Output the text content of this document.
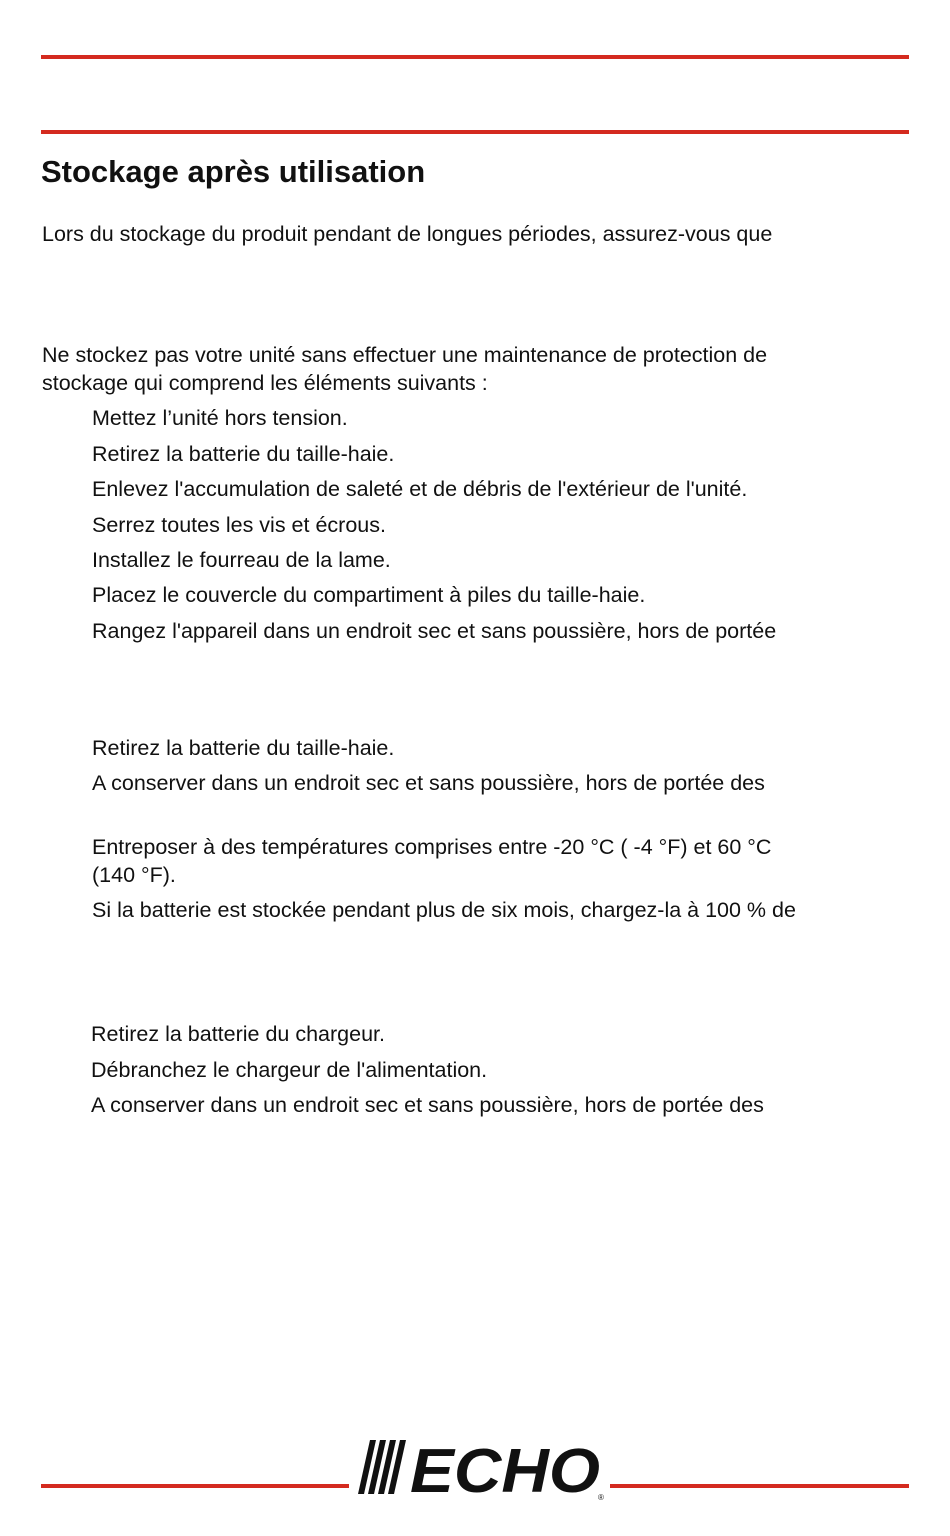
Stockage après utilisation

Lors du stockage du produit pendant de longues périodes, assurez-vous que

Ne stockez pas votre unité sans effectuer une maintenance de protection de

stockage qui comprend les éléments suivants :

Mettez l’unité hors tension.

Retirez la batterie du taille-haie.

Enlevez l'accumulation de saleté et de débris de l'extérieur de l'unité.

Serrez toutes les vis et écrous.

Installez le fourreau de la lame.

Placez le couvercle du compartiment à piles du taille-haie.

Rangez l'appareil dans un endroit sec et sans poussière, hors de portée

Retirez la batterie du taille-haie.

A conserver dans un endroit sec et sans poussière, hors de portée des

Entreposer à des températures comprises entre -20 °C ( -4 °F) et 60 °C

(140 °F).

Si la batterie est stockée pendant plus de six mois, chargez-la à 100 % de

Retirez la batterie du chargeur.

Débranchez le chargeur de l'alimentation.

A conserver dans un endroit sec et sans poussière, hors de portée des

ECHO
®
